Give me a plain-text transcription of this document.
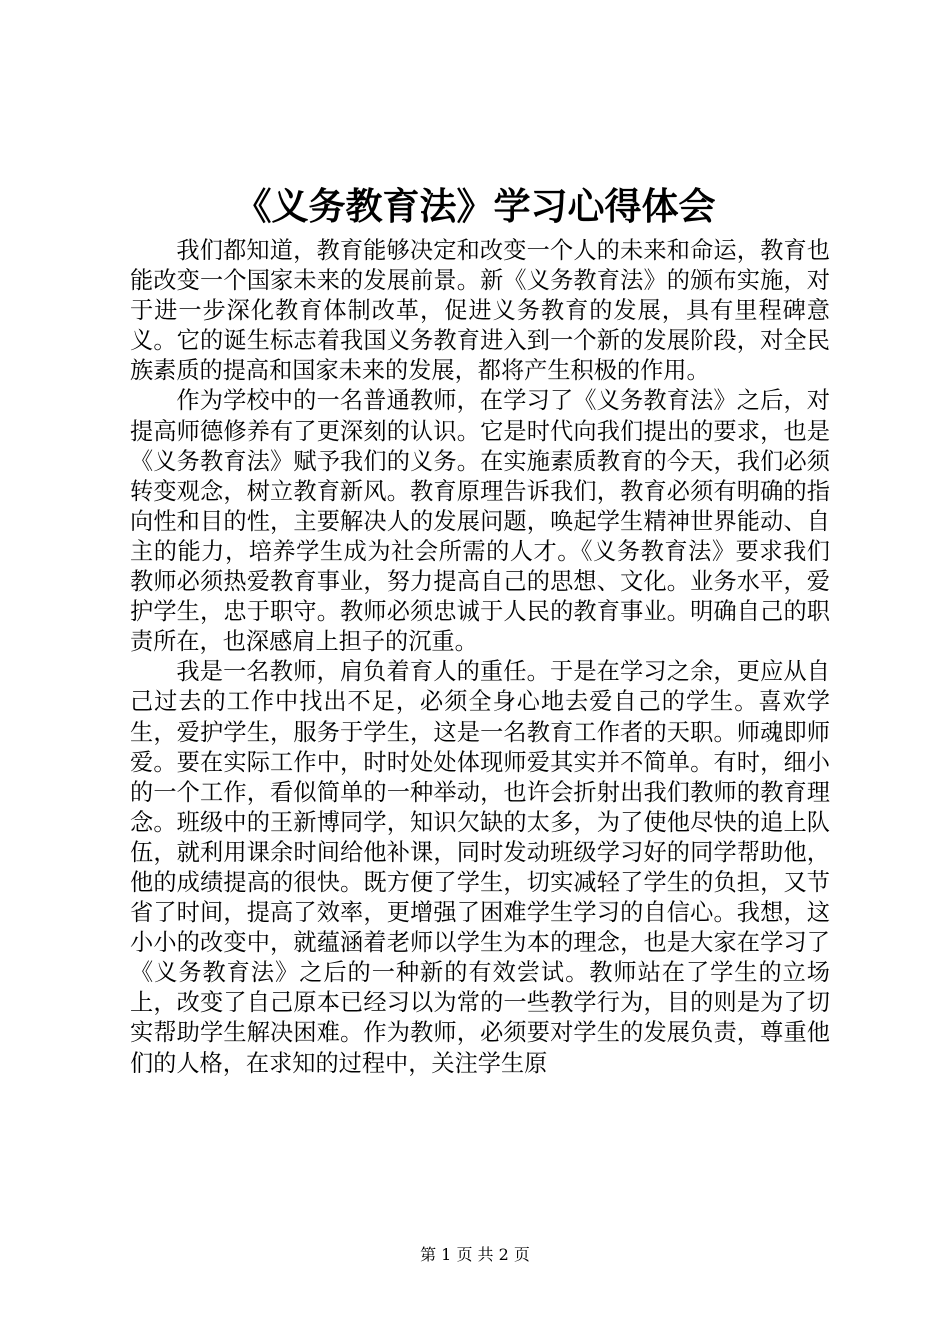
《义务教育法》学习心得体会

我们都知道，教育能够决定和改变一个人的未来和命运，教育也能改变一个国家未来的发展前景。新《义务教育法》的颁布实施，对于进一步深化教育体制改革，促进义务教育的发展，具有里程碑意义。它的诞生标志着我国义务教育进入到一个新的发展阶段，对全民族素质的提高和国家未来的发展，都将产生积极的作用。

作为学校中的一名普通教师，在学习了《义务教育法》之后，对提高师德修养有了更深刻的认识。它是时代向我们提出的要求，也是《义务教育法》赋予我们的义务。在实施素质教育的今天，我们必须转变观念，树立教育新风。教育原理告诉我们，教育必须有明确的指向性和目的性，主要解决人的发展问题，唤起学生精神世界能动、自主的能力，培养学生成为社会所需的人才。《义务教育法》要求我们教师必须热爱教育事业，努力提高自己的思想、文化。业务水平，爱护学生，忠于职守。教师必须忠诚于人民的教育事业。明确自己的职责所在，也深感肩上担子的沉重。

我是一名教师，肩负着育人的重任。于是在学习之余，更应从自己过去的工作中找出不足，必须全身心地去爱自己的学生。喜欢学生，爱护学生，服务于学生，这是一名教育工作者的天职。师魂即师爱。要在实际工作中，时时处处体现师爱其实并不简单。有时，细小的一个工作，看似简单的一种举动，也许会折射出我们教师的教育理念。班级中的王新博同学，知识欠缺的太多，为了使他尽快的追上队伍，就利用课余时间给他补课，同时发动班级学习好的同学帮助他，他的成绩提高的很快。既方便了学生，切实减轻了学生的负担，又节省了时间，提高了效率，更增强了困难学生学习的自信心。我想，这小小的改变中，就蕴涵着老师以学生为本的理念，也是大家在学习了《义务教育法》之后的一种新的有效尝试。教师站在了学生的立场上，改变了自己原本已经习以为常的一些教学行为，目的则是为了切实帮助学生解决困难。作为教师，必须要对学生的发展负责，尊重他们的人格，在求知的过程中，关注学生原

第 1 页 共 2 页
